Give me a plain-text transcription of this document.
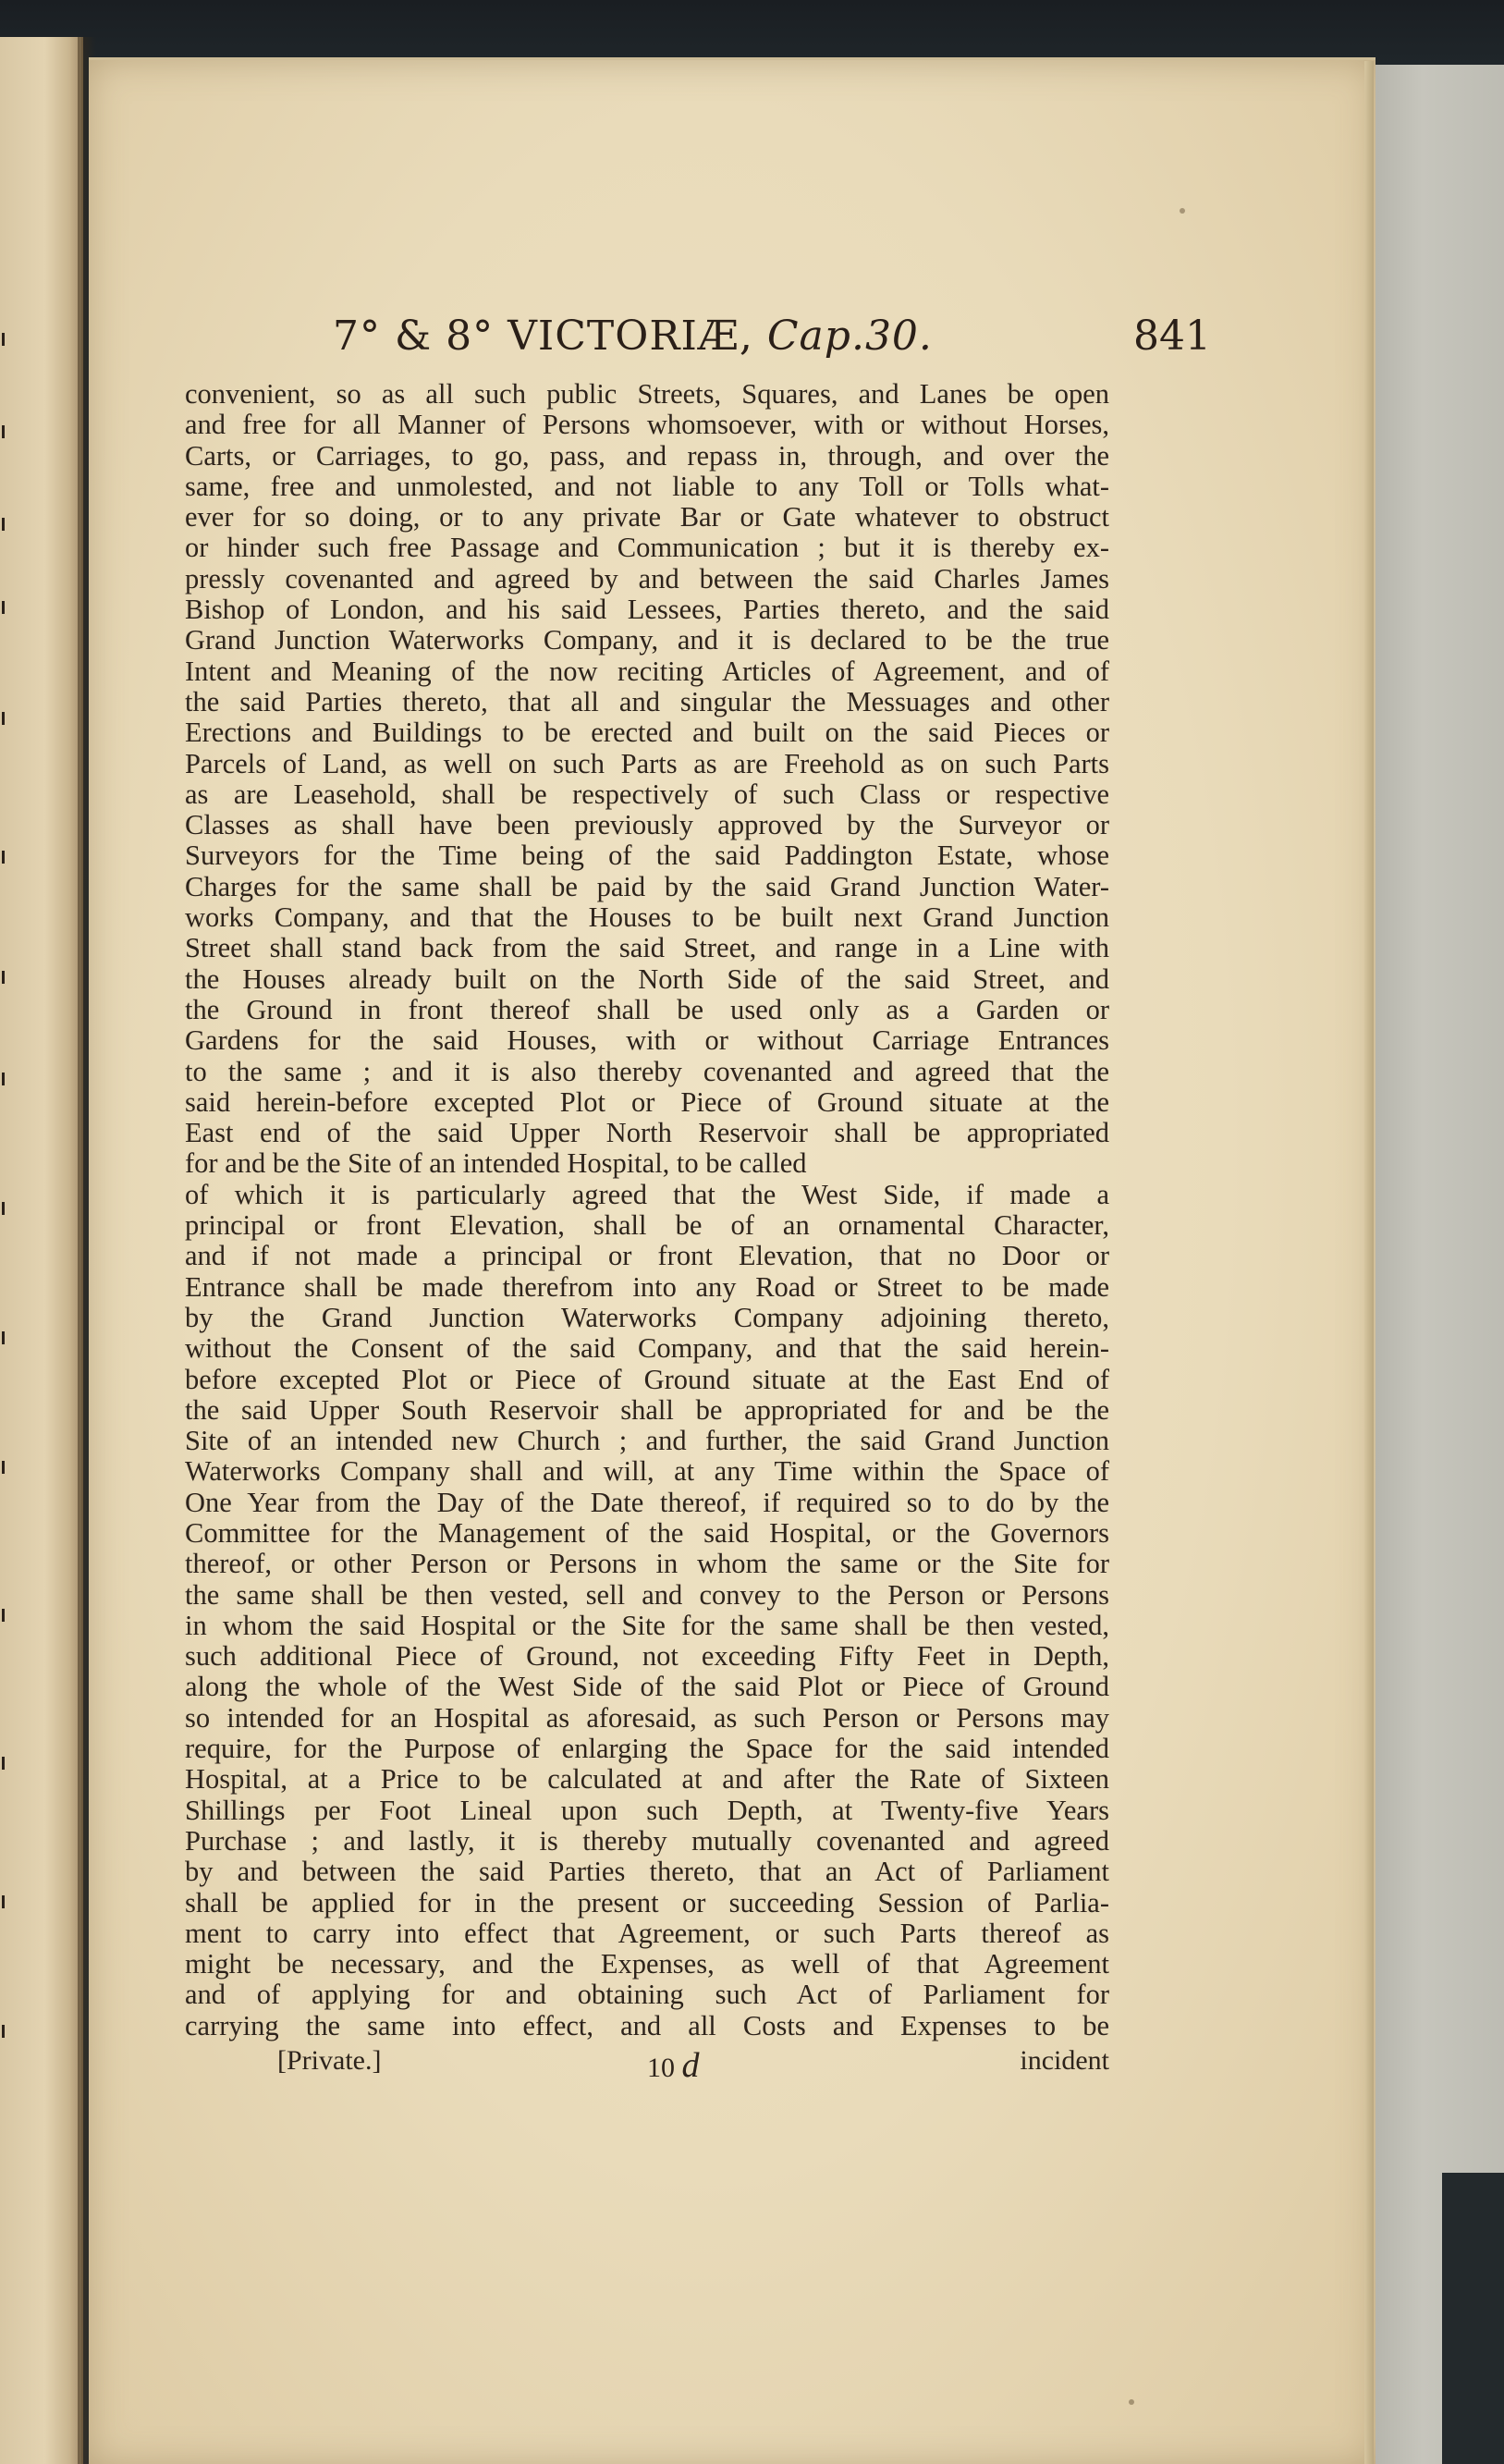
7° & 8° VICTORIÆ, Cap.30.	841
convenient, so as all such public Streets, Squares, and Lanes be open
and free for all Manner of Persons whomsoever, with or without Horses,
Carts, or Carriages, to go, pass, and repass in, through, and over the
same, free and unmolested, and not liable to any Toll or Tolls what-
ever for so doing, or to any private Bar or Gate whatever to obstruct
or hinder such free Passage and Communication ; but it is thereby ex-
pressly covenanted and agreed by and between the said Charles James
Bishop of London, and his said Lessees, Parties thereto, and the said
Grand Junction Waterworks Company, and it is declared to be the true
Intent and Meaning of the now reciting Articles of Agreement, and of
the said Parties thereto, that all and singular the Messuages and other
Erections and Buildings to be erected and built on the said Pieces or
Parcels of Land, as well on such Parts as are Freehold as on such Parts
as are Leasehold, shall be respectively of such Class or respective
Classes as shall have been previously approved by the Surveyor or
Surveyors for the Time being of the said Paddington Estate, whose
Charges for the same shall be paid by the said Grand Junction Water-
works Company, and that the Houses to be built next Grand Junction
Street shall stand back from the said Street, and range in a Line with
the Houses already built on the North Side of the said Street, and
the Ground in front thereof shall be used only as a Garden or
Gardens for the said Houses, with or without Carriage Entrances
to the same ; and it is also thereby covenanted and agreed that the
said herein-before excepted Plot or Piece of Ground situate at the
East end of the said Upper North Reservoir shall be appropriated
for and be the Site of an intended Hospital, to be called
of which it is particularly agreed that the West Side, if made a
principal or front Elevation, shall be of an ornamental Character,
and if not made a principal or front Elevation, that no Door or
Entrance shall be made therefrom into any Road or Street to be made
by the Grand Junction Waterworks Company adjoining thereto,
without the Consent of the said Company, and that the said herein-
before excepted Plot or Piece of Ground situate at the East End of
the said Upper South Reservoir shall be appropriated for and be the
Site of an intended new Church ; and further, the said Grand Junction
Waterworks Company shall and will, at any Time within the Space of
One Year from the Day of the Date thereof, if required so to do by the
Committee for the Management of the said Hospital, or the Governors
thereof, or other Person or Persons in whom the same or the Site for
the same shall be then vested, sell and convey to the Person or Persons
in whom the said Hospital or the Site for the same shall be then vested,
such additional Piece of Ground, not exceeding Fifty Feet in Depth,
along the whole of the West Side of the said Plot or Piece of Ground
so intended for an Hospital as aforesaid, as such Person or Persons may
require, for the Purpose of enlarging the Space for the said intended
Hospital, at a Price to be calculated at and after the Rate of Sixteen
Shillings per Foot Lineal upon such Depth, at Twenty-five Years
Purchase ; and lastly, it is thereby mutually covenanted and agreed
by and between the said Parties thereto, that an Act of Parliament
shall be applied for in the present or succeeding Session of Parlia-
ment to carry into effect that Agreement, or such Parts thereof as
might be necessary, and the Expenses, as well of that Agreement
and of applying for and obtaining such Act of Parliament for
carrying the same into effect, and all Costs and Expenses to be
[Private.]	10 d	incident
